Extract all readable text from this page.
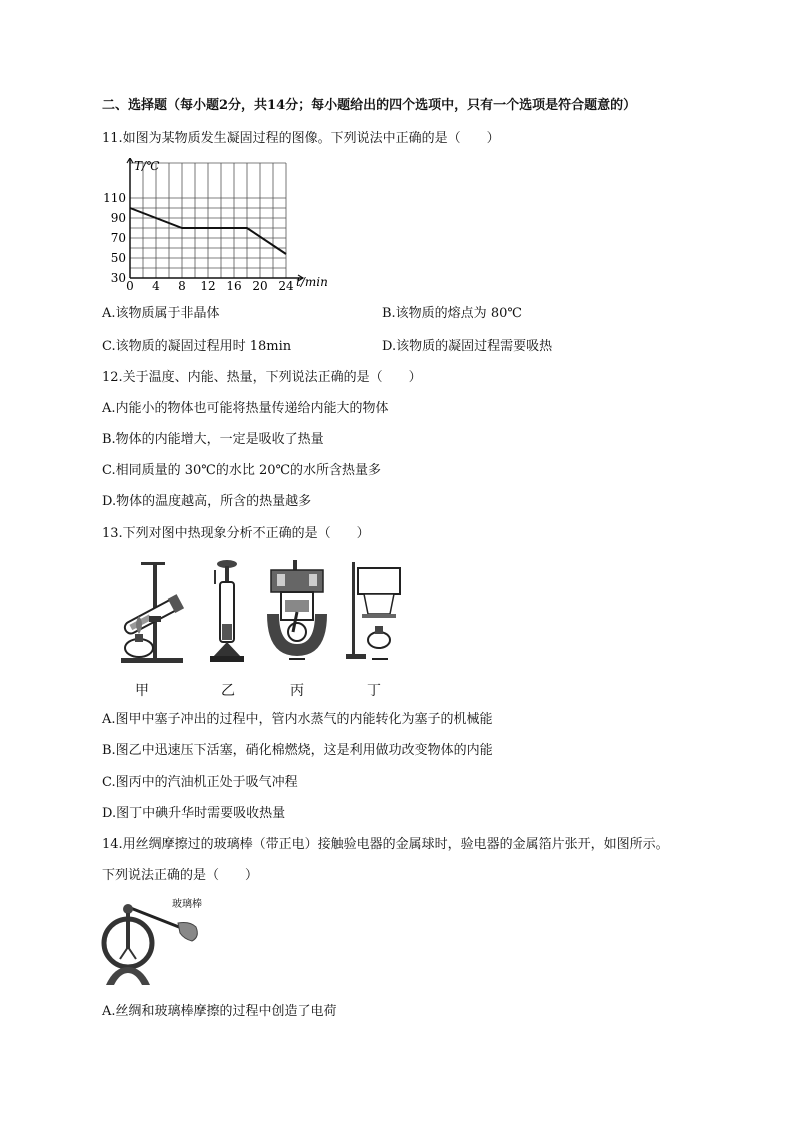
二、选择题（每小题2分，共14分；每小题给出的四个选项中，只有一个选项是符合题意的）
11.如图为某物质发生凝固过程的图像。下列说法中正确的是（　　）
0 4 8 12 16 20 24
30
50
70
90
110
T/℃
t/min
A.该物质属于非晶体	B.该物质的熔点为 80℃
C.该物质的凝固过程用时 18min	D.该物质的凝固过程需要吸热
12.关于温度、内能、热量，下列说法正确的是（　　）
A.内能小的物体也可能将热量传递给内能大的物体
B.物体的内能增大，一定是吸收了热量
C.相同质量的 30℃的水比 20℃的水所含热量多
D.物体的温度越高，所含的热量越多
13.下列对图中热现象分析不正确的是（　　）
甲	乙	丙	丁
A.图甲中塞子冲出的过程中，管内水蒸气的内能转化为塞子的机械能
B.图乙中迅速压下活塞，硝化棉燃烧，这是利用做功改变物体的内能
C.图丙中的汽油机正处于吸气冲程
D.图丁中碘升华时需要吸收热量
14.用丝绸摩擦过的玻璃棒（带正电）接触验电器的金属球时，验电器的金属箔片张开，如图所示。
下列说法正确的是（　　）
玻璃棒
A.丝绸和玻璃棒摩擦的过程中创造了电荷
